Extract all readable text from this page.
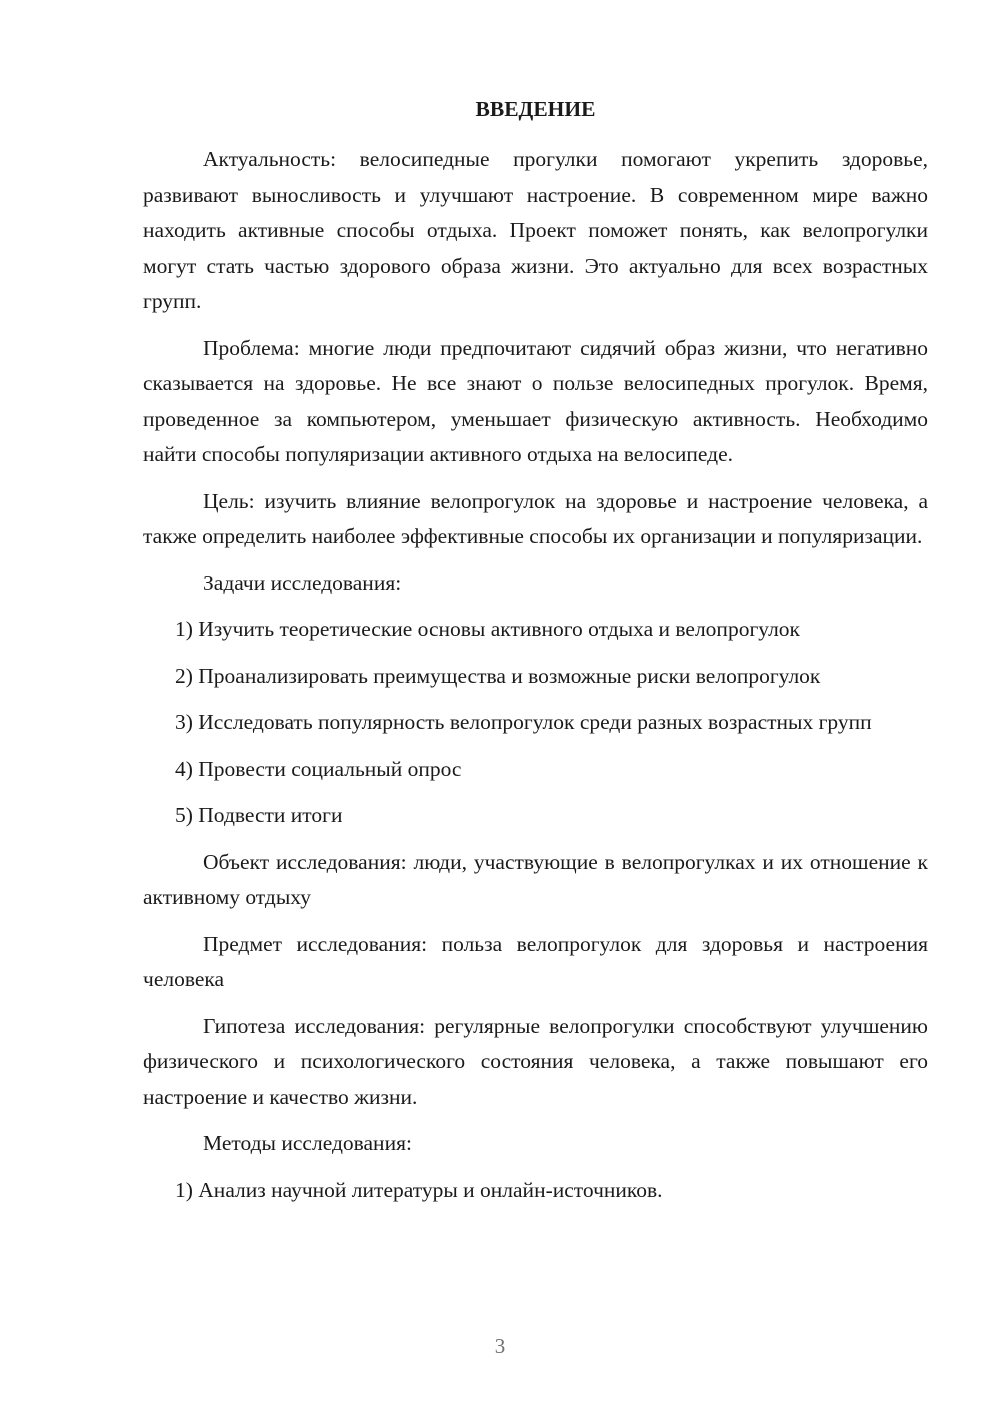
ВВЕДЕНИЕ

Актуальность: велосипедные прогулки помогают укрепить здоровье, развивают выносливость и улучшают настроение. В современном мире важно находить активные способы отдыха. Проект поможет понять, как велопрогулки могут стать частью здорового образа жизни. Это актуально для всех возрастных групп.

Проблема: многие люди предпочитают сидячий образ жизни, что негативно сказывается на здоровье. Не все знают о пользе велосипедных прогулок. Время, проведенное за компьютером, уменьшает физическую активность. Необходимо найти способы популяризации активного отдыха на велосипеде.

Цель: изучить влияние велопрогулок на здоровье и настроение человека, а также определить наиболее эффективные способы их организации и популяризации.

Задачи исследования:

1) Изучить теоретические основы активного отдыха и велопрогулок

2) Проанализировать преимущества и возможные риски велопрогулок

3) Исследовать популярность велопрогулок среди разных возрастных групп

4) Провести социальный опрос

5) Подвести итоги

Объект исследования: люди, участвующие в велопрогулках и их отношение к активному отдыху

Предмет исследования: польза велопрогулок для здоровья и настроения человека

Гипотеза исследования: регулярные велопрогулки способствуют улучшению физического и психологического состояния человека, а также повышают его настроение и качество жизни.

Методы исследования:

1) Анализ научной литературы и онлайн-источников.

3
